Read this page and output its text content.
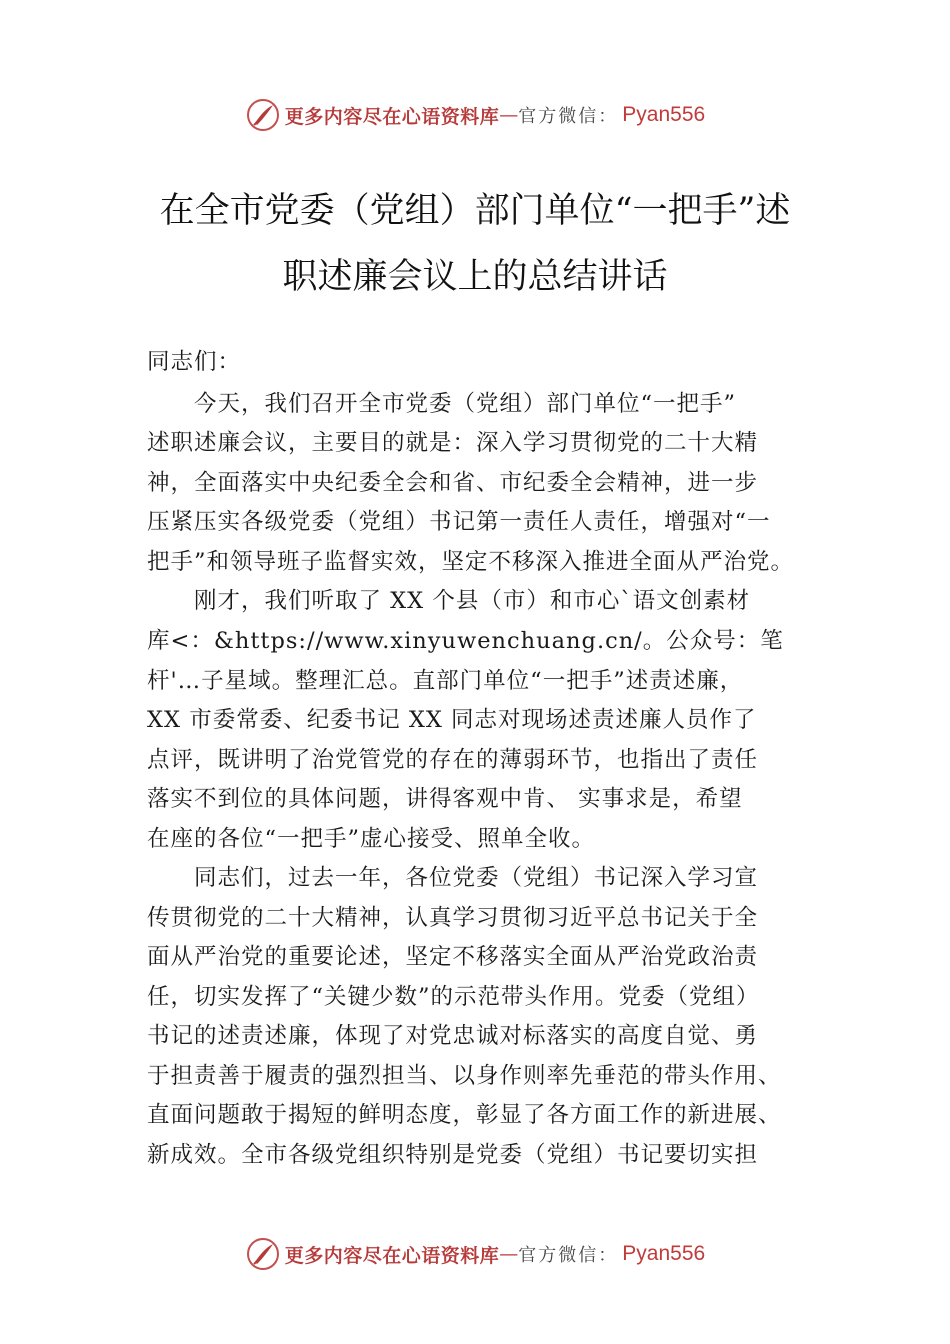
更多内容尽在心语资料库 — 官方微信： Pyan556
在全市党委（党组）部门单位“一把手”述
职述廉会议上的总结讲话
同志们：
　　今天，我们召开全市党委（党组）部门单位“一把手”
述职述廉会议，主要目的就是：深入学习贯彻党的二十大精
神，全面落实中央纪委全会和省、市纪委全会精神，进一步
压紧压实各级党委（党组）书记第一责任人责任，增强对“一
把手”和领导班子监督实效，坚定不移深入推进全面从严治党。
　　刚才，我们听取了 XX 个县（市）和市心`语文创素材
库<：&https://www.xinyuwenchuang.cn/。公众号：笔
杆'…子星域。整理汇总。直部门单位“一把手”述责述廉，
XX 市委常委、纪委书记 XX 同志对现场述责述廉人员作了
点评，既讲明了治党管党的存在的薄弱环节，也指出了责任
落实不到位的具体问题，讲得客观中肯、 实事求是，希望
在座的各位“一把手”虚心接受、照单全收。
　　同志们，过去一年，各位党委（党组）书记深入学习宣
传贯彻党的二十大精神，认真学习贯彻习近平总书记关于全
面从严治党的重要论述，坚定不移落实全面从严治党政治责
任，切实发挥了“关键少数”的示范带头作用。党委（党组）
书记的述责述廉，体现了对党忠诚对标落实的高度自觉、勇
于担责善于履责的强烈担当、以身作则率先垂范的带头作用、
直面问题敢于揭短的鲜明态度，彰显了各方面工作的新进展、
新成效。全市各级党组织特别是党委（党组）书记要切实担
更多内容尽在心语资料库 — 官方微信： Pyan556
